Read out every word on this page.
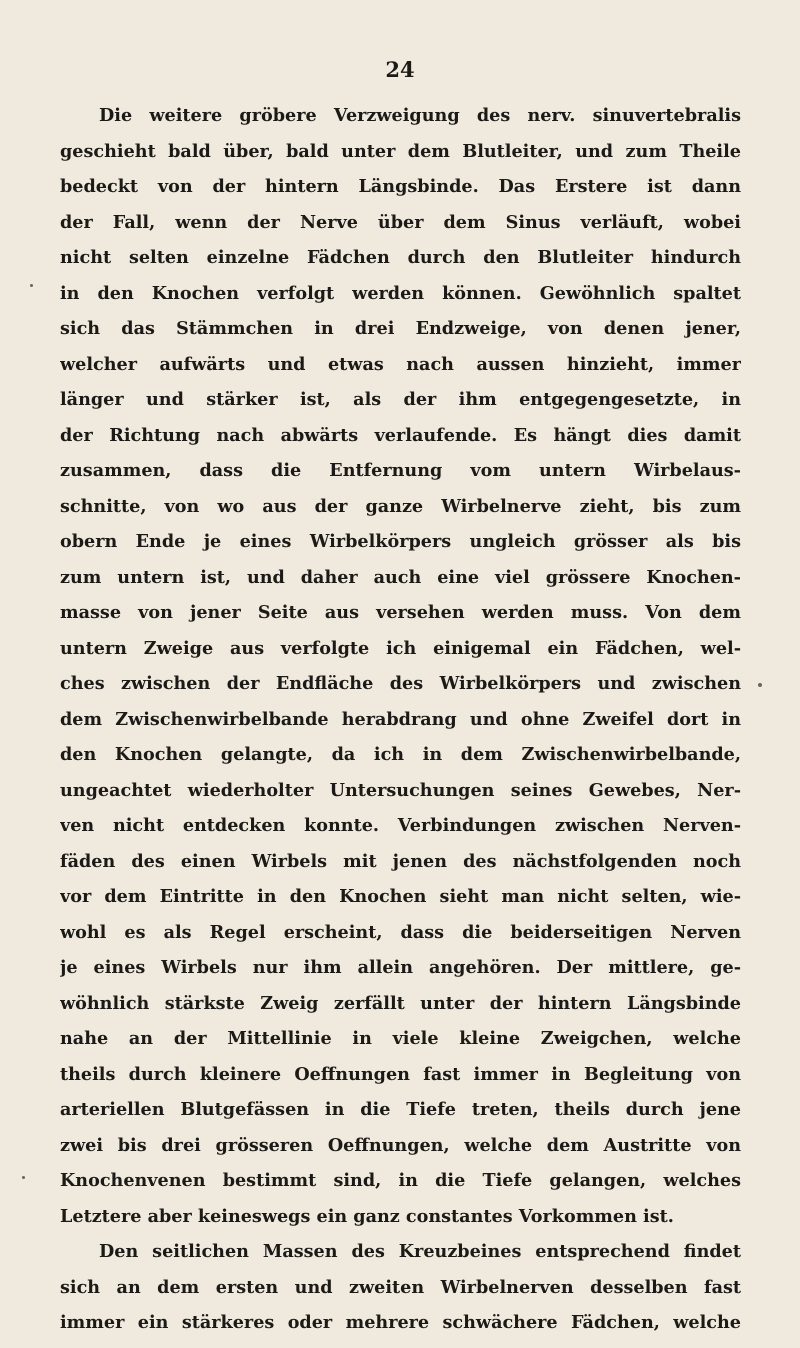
24
Die weitere gröbere Verzweigung des nerv. sinuvertebralis
geschieht bald über, bald unter dem Blutleiter, und zum Theile
bedeckt von der hintern Längsbinde. Das Erstere ist dann
der Fall, wenn der Nerve über dem Sinus verläuft, wobei
nicht selten einzelne Fädchen durch den Blutleiter hindurch
in den Knochen verfolgt werden können. Gewöhnlich spaltet
sich das Stämmchen in drei Endzweige, von denen jener,
welcher aufwärts und etwas nach aussen hinzieht, immer
länger und stärker ist, als der ihm entgegengesetzte, in
der Richtung nach abwärts verlaufende. Es hängt dies damit
zusammen, dass die Entfernung vom untern Wirbelaus-
schnitte, von wo aus der ganze Wirbelnerve zieht, bis zum
obern Ende je eines Wirbelkörpers ungleich grösser als bis
zum untern ist, und daher auch eine viel grössere Knochen-
masse von jener Seite aus versehen werden muss. Von dem
untern Zweige aus verfolgte ich einigemal ein Fädchen, wel-
ches zwischen der Endfläche des Wirbelkörpers und zwischen
dem Zwischenwirbelbande herabdrang und ohne Zweifel dort in
den Knochen gelangte, da ich in dem Zwischenwirbelbande,
ungeachtet wiederholter Untersuchungen seines Gewebes, Ner-
ven nicht entdecken konnte. Verbindungen zwischen Nerven-
fäden des einen Wirbels mit jenen des nächstfolgenden noch
vor dem Eintritte in den Knochen sieht man nicht selten, wie-
wohl es als Regel erscheint, dass die beiderseitigen Nerven
je eines Wirbels nur ihm allein angehören. Der mittlere, ge-
wöhnlich stärkste Zweig zerfällt unter der hintern Längsbinde
nahe an der Mittellinie in viele kleine Zweigchen, welche
theils durch kleinere Oeffnungen fast immer in Begleitung von
arteriellen Blutgefässen in die Tiefe treten, theils durch jene
zwei bis drei grösseren Oeffnungen, welche dem Austritte von
Knochenvenen bestimmt sind, in die Tiefe gelangen, welches
Letztere aber keineswegs ein ganz constantes Vorkommen ist.
Den seitlichen Massen des Kreuzbeines entsprechend findet
sich an dem ersten und zweiten Wirbelnerven desselben fast
immer ein stärkeres oder mehrere schwächere Fädchen, welche
